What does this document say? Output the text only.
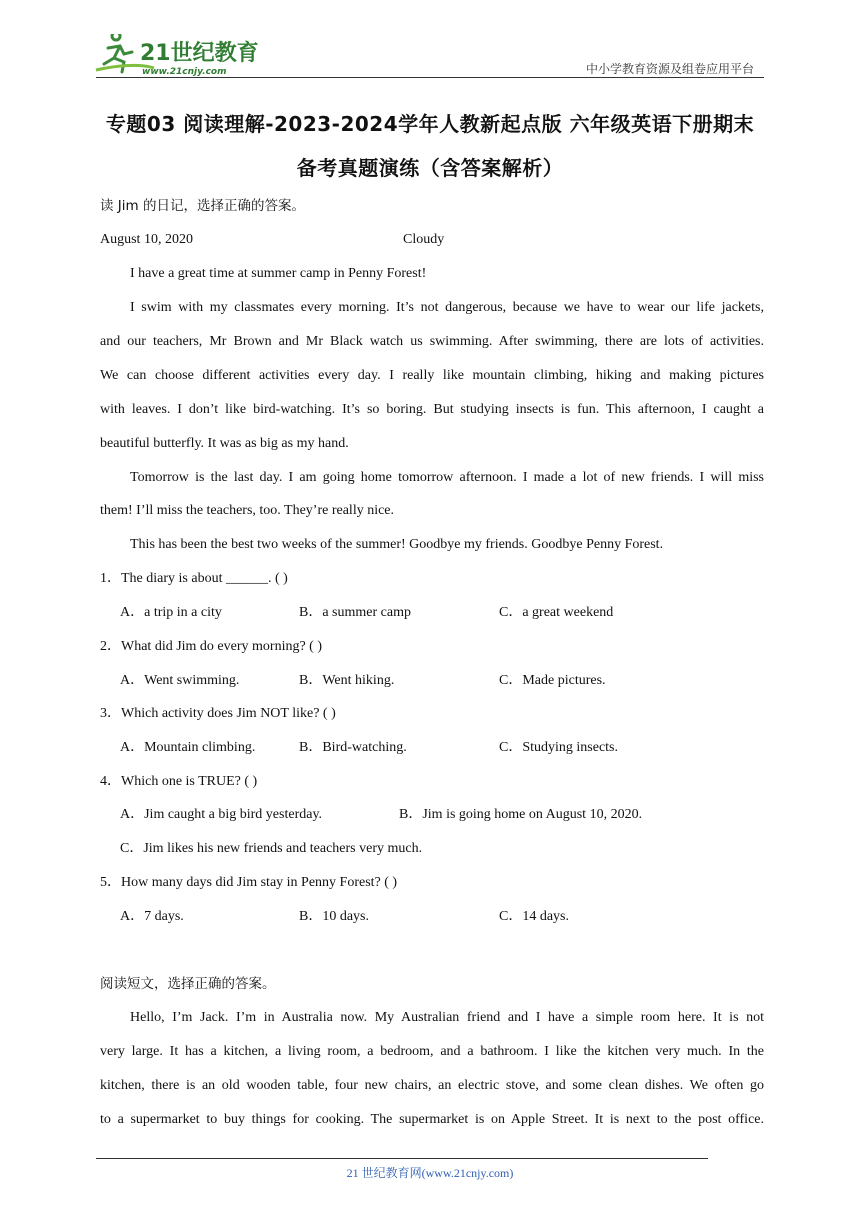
21世纪教育
www.21cnjy.com	中小学教育资源及组卷应用平台
专题03 阅读理解-2023-2024学年人教新起点版 六年级英语下册期末
备考真题演练（含答案解析）
读 Jim 的日记，选择正确的答案。
August 10, 2020	Cloudy
I have a great time at summer camp in Penny Forest!
I swim with my classmates every morning. It’s not dangerous, because we have to wear our life jackets,
and our teachers, Mr Brown and Mr Black watch us swimming. After swimming, there are lots of activities.
We can choose different activities every day. I really like mountain climbing, hiking and making pictures
with leaves. I don’t like bird-watching. It’s so boring. But studying insects is fun. This afternoon, I caught a
beautiful butterfly. It was as big as my hand.
Tomorrow is the last day. I am going home tomorrow afternoon. I made a lot of new friends. I will miss
them! I’ll miss the teachers, too. They’re really nice.
This has been the best two weeks of the summer! Goodbye my friends. Goodbye Penny Forest.
1．The diary is about ______. ( )
A．a trip in a city	B．a summer camp	C．a great weekend
2．What did Jim do every morning? ( )
A．Went swimming.	B．Went hiking.	C．Made pictures.
3．Which activity does Jim NOT like? ( )
A．Mountain climbing.	B．Bird-watching.	C．Studying insects.
4．Which one is TRUE? ( )
A．Jim caught a big bird yesterday.	B．Jim is going home on August 10, 2020.
C．Jim likes his new friends and teachers very much.
5．How many days did Jim stay in Penny Forest? ( )
A．7 days.	B．10 days.	C．14 days.
阅读短文，选择正确的答案。
Hello, I’m Jack. I’m in Australia now. My Australian friend and I have a simple room here. It is not
very large. It has a kitchen, a living room, a bedroom, and a bathroom. I like the kitchen very much. In the
kitchen, there is an old wooden table, four new chairs, an electric stove, and some clean dishes. We often go
to a supermarket to buy things for cooking. The supermarket is on Apple Street. It is next to the post office.
21 世纪教育网(www.21cnjy.com)
